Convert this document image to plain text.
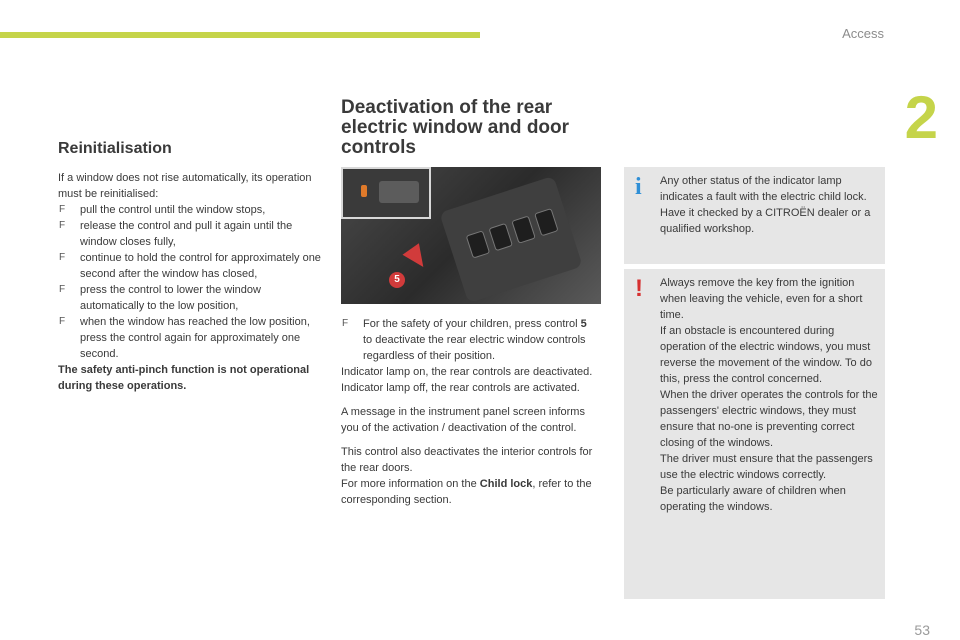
Access
2
Reinitialisation

If a window does not rise automatically, its operation must be reinitialised:

F pull the control until the window stops,
F release the control and pull it again until the window closes fully,
F continue to hold the control for approximately one second after the window has closed,
F press the control to lower the window automatically to the low position,
F when the window has reached the low position, press the control again for approximately one second.

The safety anti-pinch function is not operational during these operations.

Deactivation of the rear
electric window and door
controls
5
F For the safety of your children, press control 5 to deactivate the rear electric window controls regardless of their position.

Indicator lamp on, the rear controls are deactivated.

Indicator lamp off, the rear controls are activated.

A message in the instrument panel screen informs you of the activation / deactivation of the control.

This control also deactivates the interior controls for the rear doors.

For more information on the Child lock, refer to the corresponding section.

i Any other status of the indicator lamp indicates a fault with the electric child lock.
Have it checked by a CITROËN dealer or a qualified workshop.
! Always remove the key from the ignition when leaving the vehicle, even for a short time.
If an obstacle is encountered during operation of the electric windows, you must reverse the movement of the window. To do this, press the control concerned.
When the driver operates the controls for the passengers' electric windows, they must ensure that no-one is preventing correct closing of the windows.
The driver must ensure that the passengers use the electric windows correctly.
Be particularly aware of children when operating the windows.
53
